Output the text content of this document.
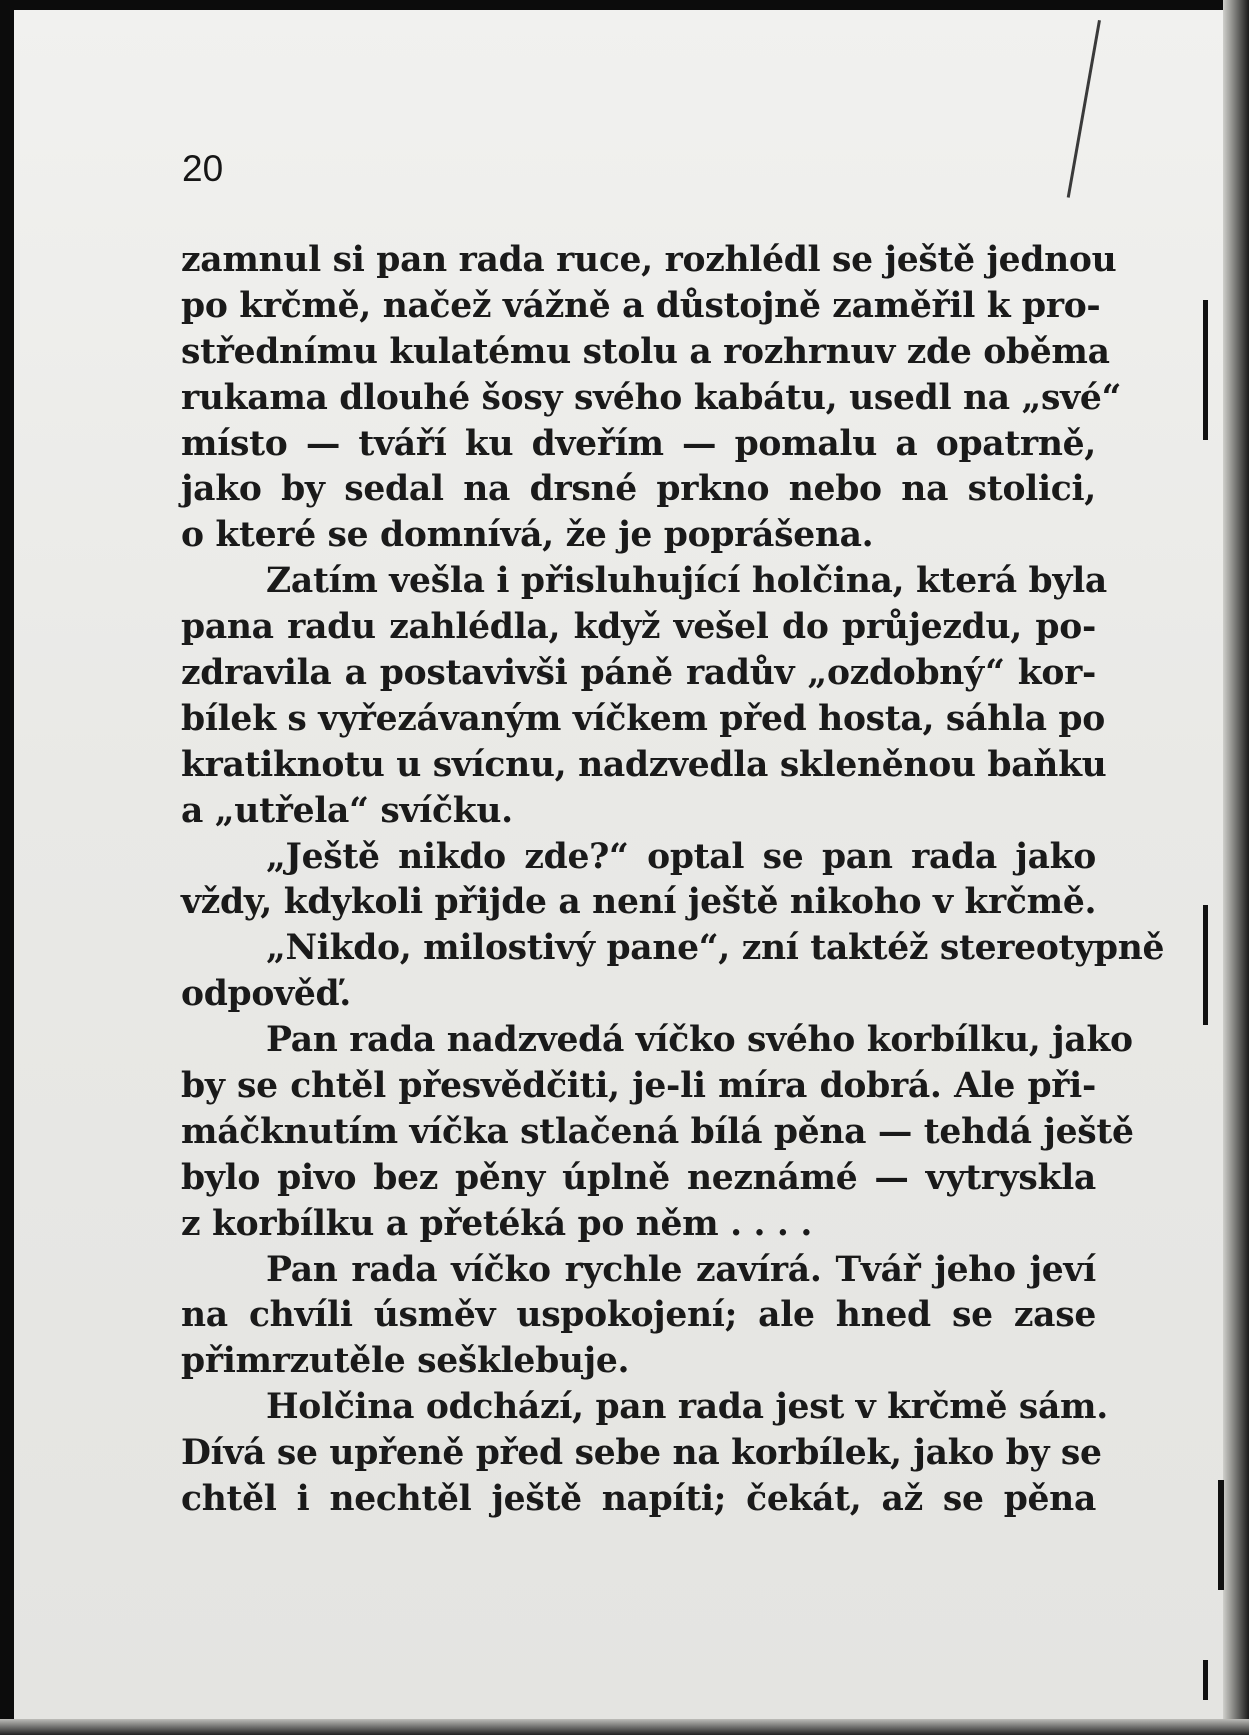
20
zamnul si pan rada ruce, rozhlédl se ještě jednou
po krčmě, načež vážně a důstojně zaměřil k pro-
střednímu kulatému stolu a rozhrnuv zde oběma
rukama dlouhé šosy svého kabátu, usedl na „své“
místo — tváří ku dveřím — pomalu a opatrně,
jako by sedal na drsné prkno nebo na stolici,
o které se domnívá, že je poprášena.
Zatím vešla i přisluhující holčina, která byla
pana radu zahlédla, když vešel do průjezdu, po-
zdravila a postavivši páně radův „ozdobný“ kor-
bílek s vyřezávaným víčkem před hosta, sáhla po
kratiknotu u svícnu, nadzvedla skleněnou baňku
a „utřela“ svíčku.
„Ještě nikdo zde?“ optal se pan rada jako
vždy, kdykoli přijde a není ještě nikoho v krčmě.
„Nikdo, milostivý pane“, zní taktéž stereotypně
odpověď.
Pan rada nadzvedá víčko svého korbílku, jako
by se chtěl přesvědčiti, je-li míra dobrá. Ale při-
máčknutím víčka stlačená bílá pěna — tehdá ještě
bylo pivo bez pěny úplně neznámé — vytryskla
z korbílku a přetéká po něm . . . .
Pan rada víčko rychle zavírá. Tvář jeho jeví
na chvíli úsměv uspokojení; ale hned se zase
přimrzutěle sešklebuje.
Holčina odchází, pan rada jest v krčmě sám.
Dívá se upřeně před sebe na korbílek, jako by se
chtěl i nechtěl ještě napíti; čekát, až se pěna
